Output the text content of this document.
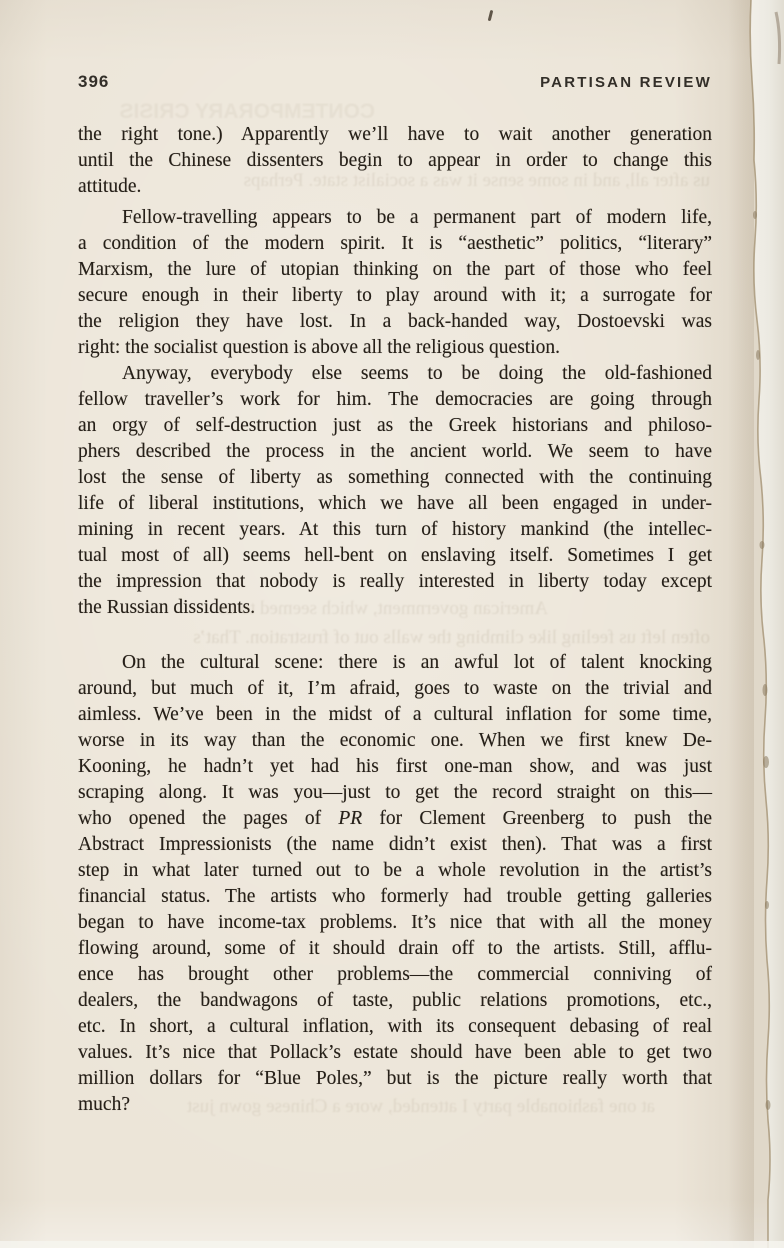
396	PARTISAN REVIEW
the right tone.) Apparently we’ll have to wait another generation
until the Chinese dissenters begin to appear in order to change this
attitude.
Fellow-travelling appears to be a permanent part of modern life,
a condition of the modern spirit. It is “aesthetic” politics, “literary”
Marxism, the lure of utopian thinking on the part of those who feel
secure enough in their liberty to play around with it; a surrogate for
the religion they have lost. In a back-handed way, Dostoevski was
right: the socialist question is above all the religious question.
Anyway, everybody else seems to be doing the old-fashioned
fellow traveller’s work for him. The democracies are going through
an orgy of self-destruction just as the Greek historians and philoso-
phers described the process in the ancient world. We seem to have
lost the sense of liberty as something connected with the continuing
life of liberal institutions, which we have all been engaged in under-
mining in recent years. At this turn of history mankind (the intellec-
tual most of all) seems hell-bent on enslaving itself. Sometimes I get
the impression that nobody is really interested in liberty today except
the Russian dissidents.
On the cultural scene: there is an awful lot of talent knocking
around, but much of it, I’m afraid, goes to waste on the trivial and
aimless. We’ve been in the midst of a cultural inflation for some time,
worse in its way than the economic one. When we first knew De-
Kooning, he hadn’t yet had his first one-man show, and was just
scraping along. It was you—just to get the record straight on this—
who opened the pages of PR for Clement Greenberg to push the
Abstract Impressionists (the name didn’t exist then). That was a first
step in what later turned out to be a whole revolution in the artist’s
financial status. The artists who formerly had trouble getting galleries
began to have income-tax problems. It’s nice that with all the money
flowing around, some of it should drain off to the artists. Still, afflu-
ence has brought other problems—the commercial conniving of
dealers, the bandwagons of taste, public relations promotions, etc.,
etc. In short, a cultural inflation, with its consequent debasing of real
values. It’s nice that Pollack’s estate should have been able to get two
million dollars for “Blue Poles,” but is the picture really worth that
much?
CONTEMPORARY CRISIS
us after all, and in some sense it was a socialist state. Perhaps
American government, which seemed to us
often left us feeling like climbing the walls out of frustration. That’s
at one fashionable party I attended, wore a Chinese gown just
